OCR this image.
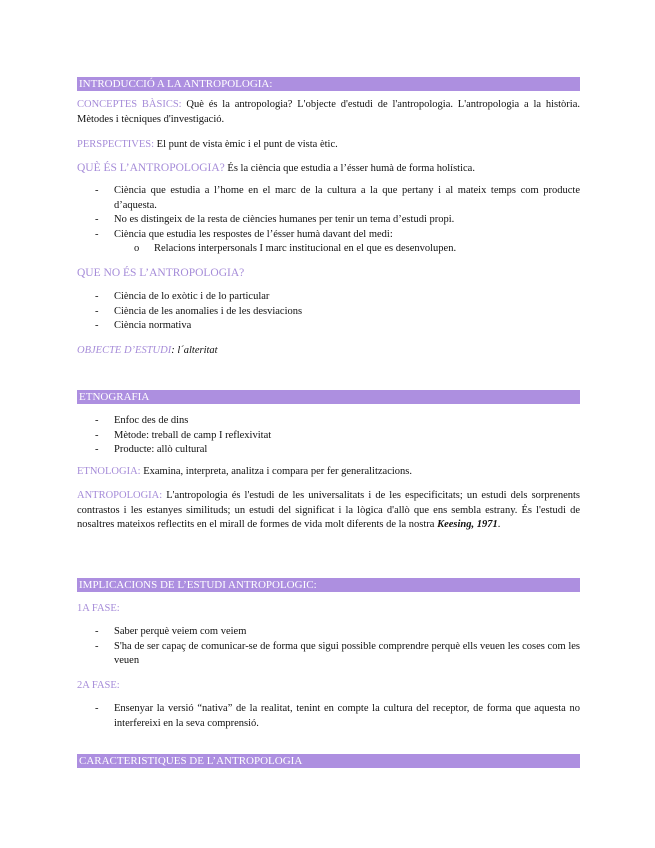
INTRODUCCIÓ A LA ANTROPOLOGIA:

CONCEPTES BÀSICS: Què és la antropologia? L'objecte d'estudi de l'antropologia. L'antropologia a la història. Mètodes i tècniques d'investigació.

PERSPECTIVES: El punt de vista èmic i el punt de vista ètic.

QUÈ ÉS L’ANTROPOLOGIA? És la ciència que estudia a l’ésser humà de forma holística.

- Ciència que estudia a l’home en el marc de la cultura a la que pertany i al mateix temps com producte d’aquesta.
- No es distingeix de la resta de ciències humanes per tenir un tema d’estudi propi.
- Ciència que estudia les respostes de l’ésser humà davant del medi:
o Relacions interpersonals I marc institucional en el que es desenvolupen.

QUE NO ÉS L’ANTROPOLOGIA?

- Ciència de lo exòtic i de lo particular
- Ciència de les anomalies i de les desviacions
- Ciència normativa

OBJECTE D’ESTUDI: l´alteritat

ETNOGRAFIA
- Enfoc des de dins
- Mètode: treball de camp I reflexivitat
- Producte: allò cultural

ETNOLOGIA: Examina, interpreta, analitza i compara per fer generalitzacions.

ANTROPOLOGIA: L'antropologia és l'estudi de les universalitats i de les especificitats; un estudi dels sorprenents contrastos i les estanyes similituds; un estudi del significat i la lògica d'allò que ens sembla estrany. És l'estudi de nosaltres mateixos reflectits en el mirall de formes de vida molt diferents de la nostra Keesing, 1971.

IMPLICACIONS DE L’ESTUDI ANTROPOLOGIC:

1A FASE:

- Saber perquè veiem com veiem
- S'ha de ser capaç de comunicar-se de forma que sigui possible comprendre perquè ells veuen les coses com les veuen

2A FASE:

- Ensenyar la versió “nativa” de la realitat, tenint en compte la cultura del receptor, de forma que aquesta no interfereixi en la seva comprensió.
CARACTERISTIQUES DE L’ANTROPOLOGIA
